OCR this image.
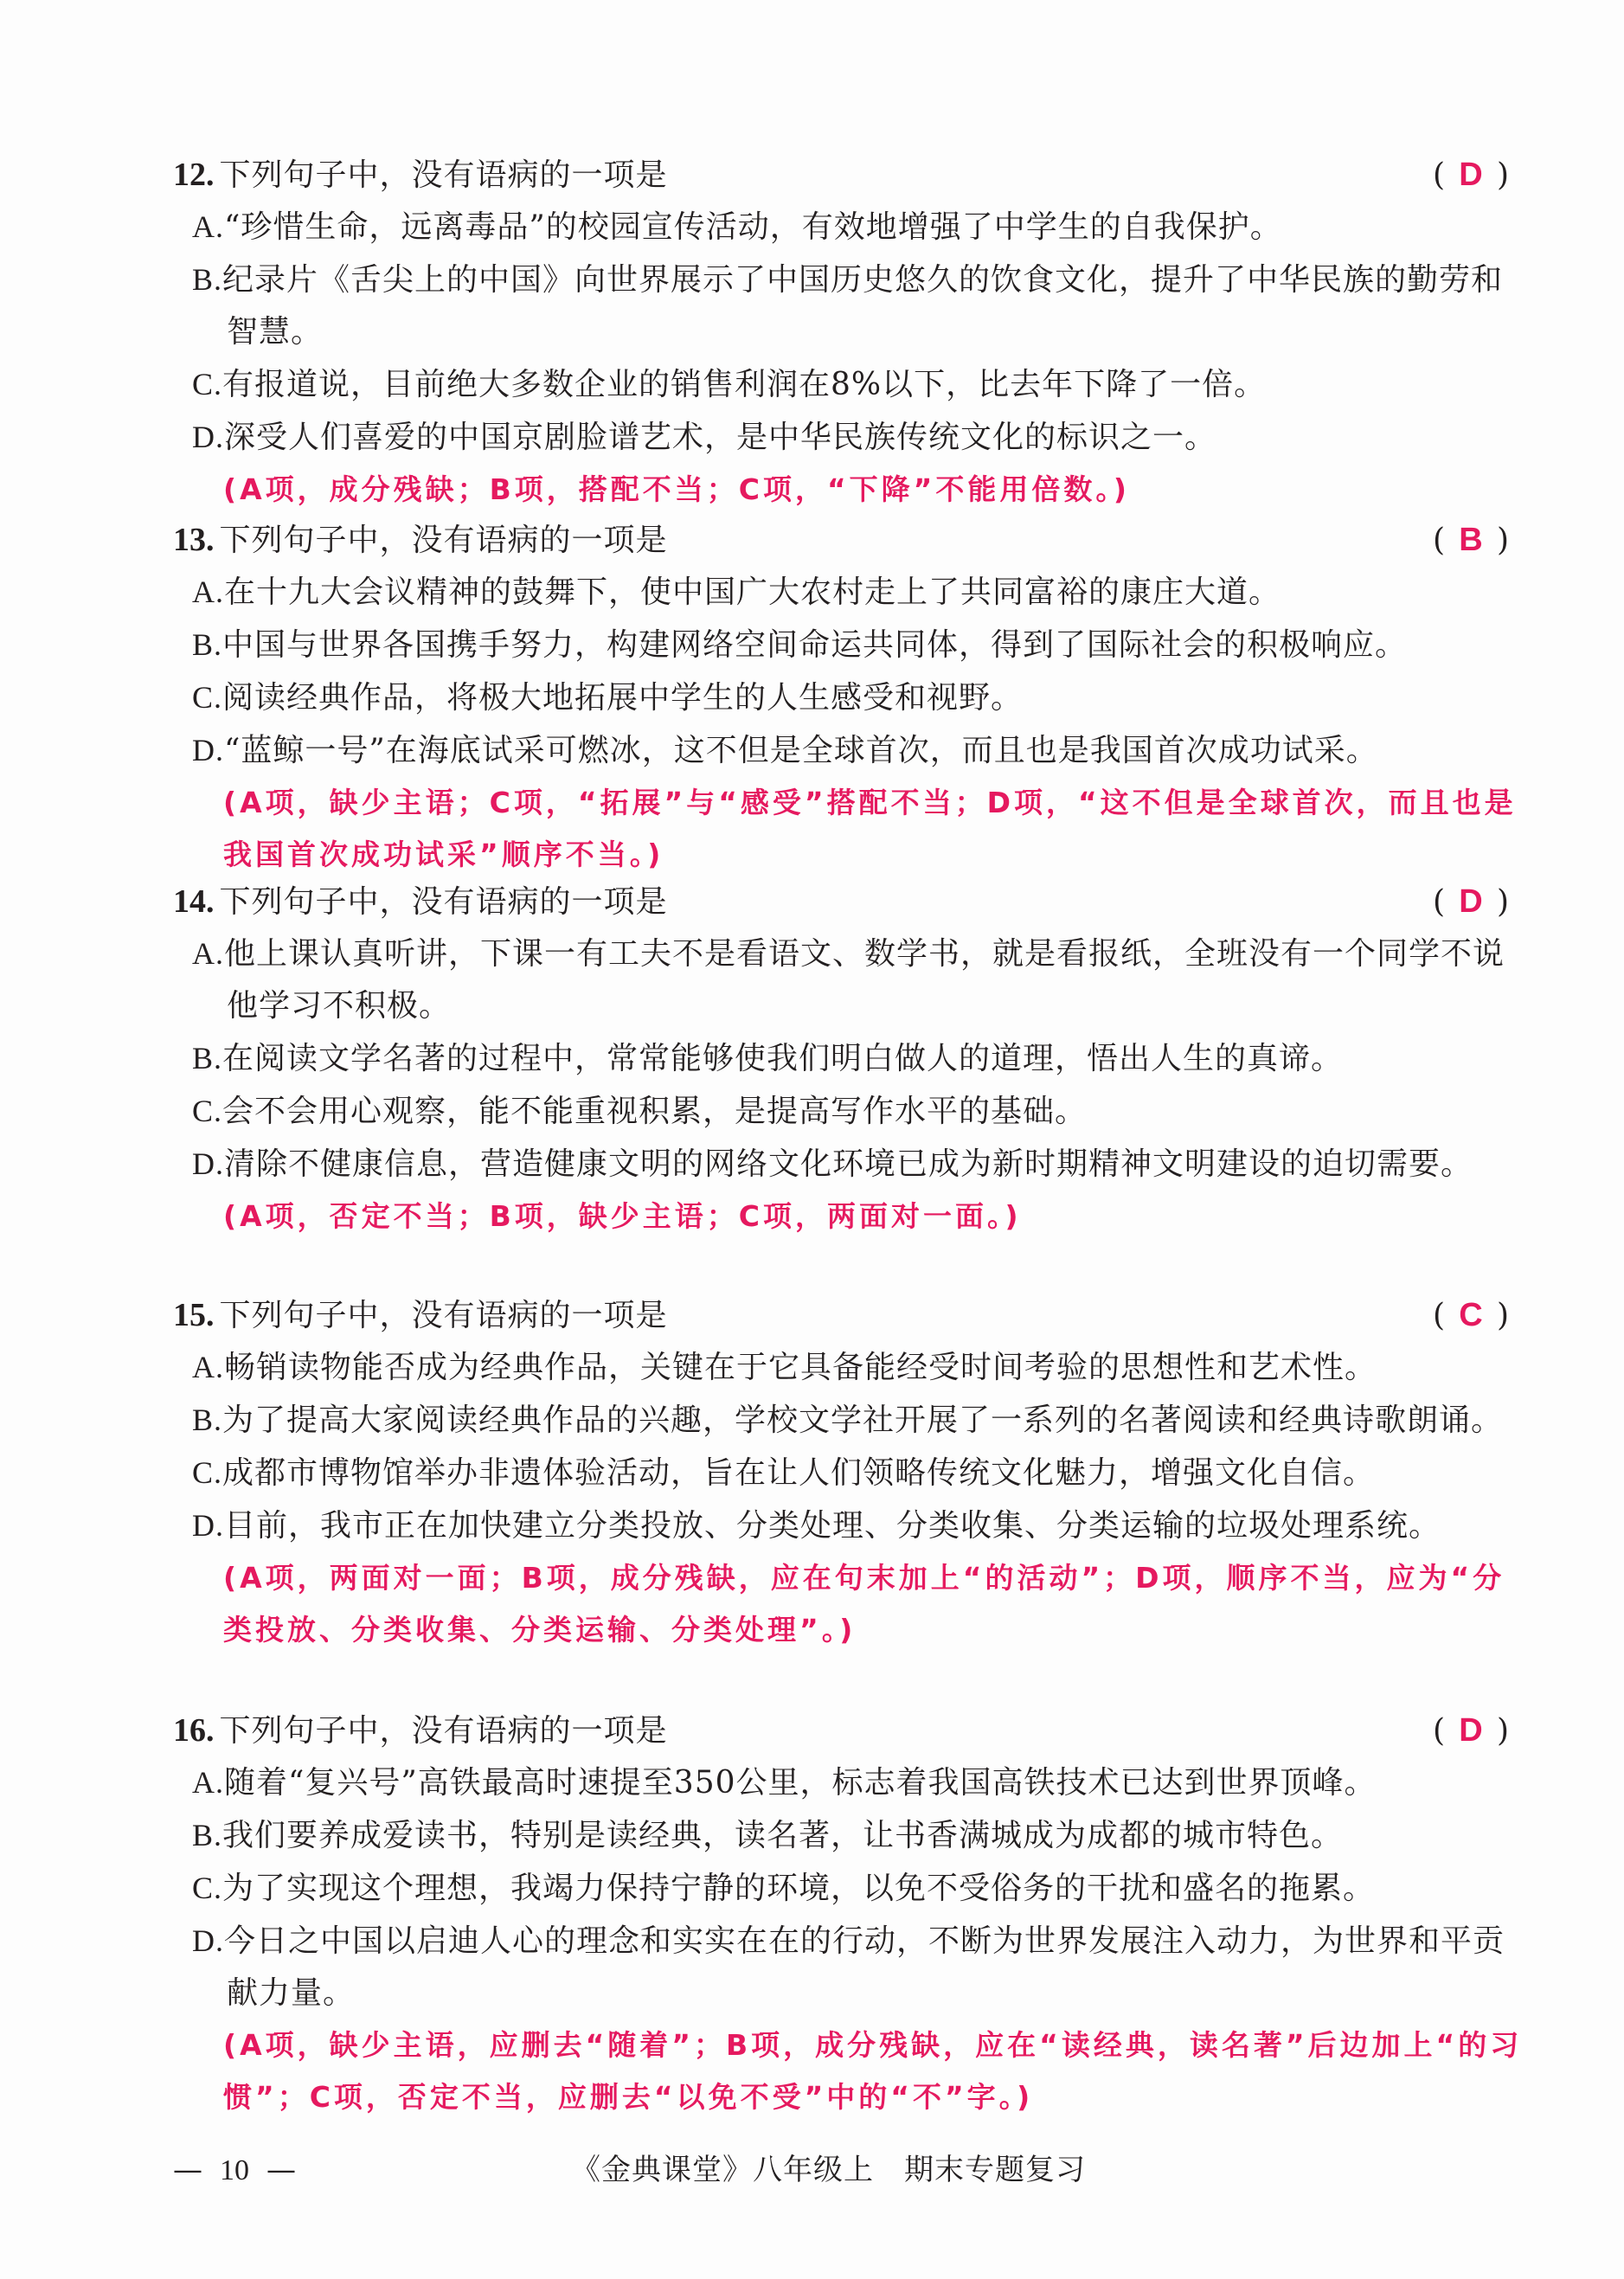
12. 下列句子中，没有语病的一项是	( D )
A.“珍惜生命，远离毒品”的校园宣传活动，有效地增强了中学生的自我保护。
B.纪录片《舌尖上的中国》向世界展示了中国历史悠久的饮食文化，提升了中华民族的勤劳和智慧。
C.有报道说，目前绝大多数企业的销售利润在8%以下，比去年下降了一倍。
D.深受人们喜爱的中国京剧脸谱艺术，是中华民族传统文化的标识之一。
(A项，成分残缺；B项，搭配不当；C项，“下降”不能用倍数。)
13. 下列句子中，没有语病的一项是	( B )
A.在十九大会议精神的鼓舞下，使中国广大农村走上了共同富裕的康庄大道。
B.中国与世界各国携手努力，构建网络空间命运共同体，得到了国际社会的积极响应。
C.阅读经典作品，将极大地拓展中学生的人生感受和视野。
D.“蓝鲸一号”在海底试采可燃冰，这不但是全球首次，而且也是我国首次成功试采。
(A项，缺少主语；C项，“拓展”与“感受”搭配不当；D项，“这不但是全球首次，而且也是我国首次成功试采”顺序不当。)
14. 下列句子中，没有语病的一项是	( D )
A.他上课认真听讲，下课一有工夫不是看语文、数学书，就是看报纸，全班没有一个同学不说他学习不积极。
B.在阅读文学名著的过程中，常常能够使我们明白做人的道理，悟出人生的真谛。
C.会不会用心观察，能不能重视积累，是提高写作水平的基础。
D.清除不健康信息，营造健康文明的网络文化环境已成为新时期精神文明建设的迫切需要。
(A项，否定不当；B项，缺少主语；C项，两面对一面。)
15. 下列句子中，没有语病的一项是	( C )
A.畅销读物能否成为经典作品，关键在于它具备能经受时间考验的思想性和艺术性。
B.为了提高大家阅读经典作品的兴趣，学校文学社开展了一系列的名著阅读和经典诗歌朗诵。
C.成都市博物馆举办非遗体验活动，旨在让人们领略传统文化魅力，增强文化自信。
D.目前，我市正在加快建立分类投放、分类处理、分类收集、分类运输的垃圾处理系统。
(A项，两面对一面；B项，成分残缺，应在句末加上“的活动”；D项，顺序不当，应为“分类投放、分类收集、分类运输、分类处理”。)
16. 下列句子中，没有语病的一项是	( D )
A.随着“复兴号”高铁最高时速提至350公里，标志着我国高铁技术已达到世界顶峰。
B.我们要养成爱读书，特别是读经典，读名著，让书香满城成为成都的城市特色。
C.为了实现这个理想，我竭力保持宁静的环境，以免不受俗务的干扰和盛名的拖累。
D.今日之中国以启迪人心的理念和实实在在的行动，不断为世界发展注入动力，为世界和平贡献力量。
(A项，缺少主语，应删去“随着”；B项，成分残缺，应在“读经典，读名著”后边加上“的习惯”；C项，否定不当，应删去“以免不受”中的“不”字。)
— 10 —	《金典课堂》八年级上　期末专题复习
